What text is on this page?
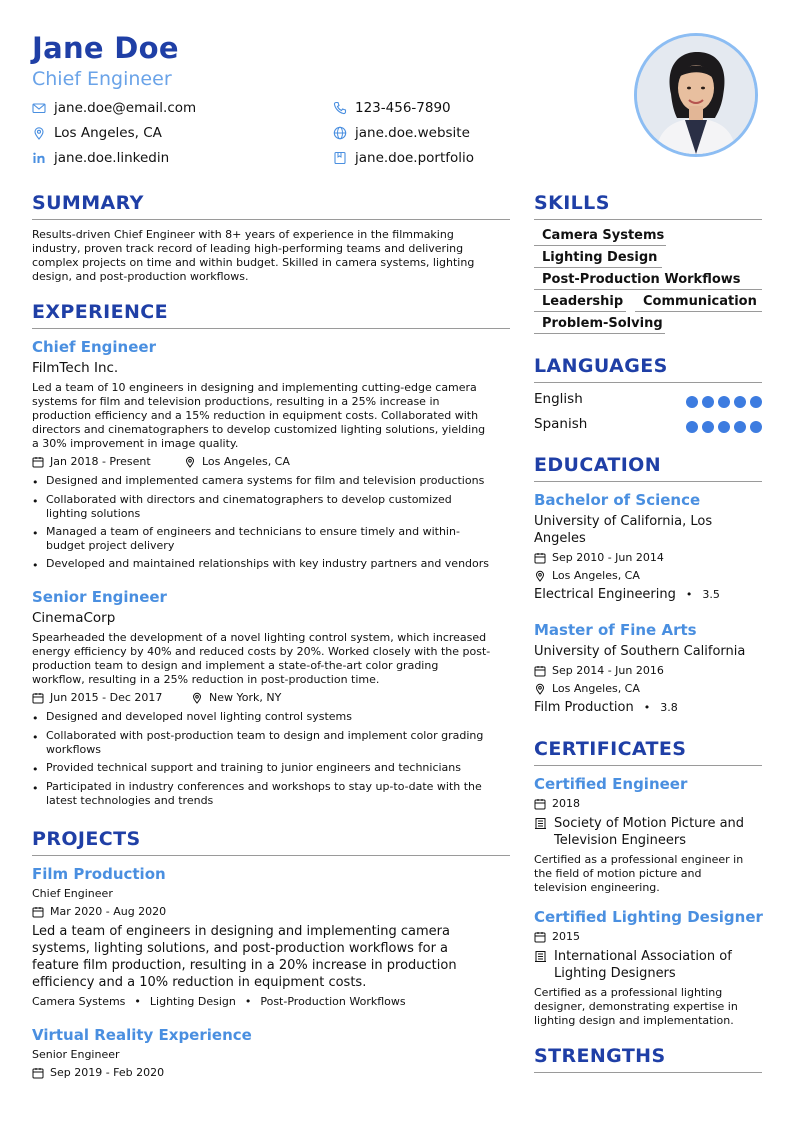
Jane Doe
Chief Engineer
jane.doe@email.com
Los Angeles, CA
jane.doe.linkedin
123-456-7890
jane.doe.website
jane.doe.portfolio
SUMMARY
Results-driven Chief Engineer with 8+ years of experience in the filmmaking
industry, proven track record of leading high-performing teams and delivering
complex projects on time and within budget. Skilled in camera systems, lighting
design, and post-production workflows.
EXPERIENCE
Chief Engineer
FilmTech Inc.
Led a team of 10 engineers in designing and implementing cutting-edge camera
systems for film and television productions, resulting in a 25% increase in
production efficiency and a 15% reduction in equipment costs. Collaborated with
directors and cinematographers to develop customized lighting solutions, yielding
a 30% improvement in image quality.
Jan 2018 - Present	Los Angeles, CA
• Designed and implemented camera systems for film and television productions
• Collaborated with directors and cinematographers to develop customized
lighting solutions
• Managed a team of engineers and technicians to ensure timely and within-
budget project delivery
• Developed and maintained relationships with key industry partners and vendors
Senior Engineer
CinemaCorp
Spearheaded the development of a novel lighting control system, which increased
energy efficiency by 40% and reduced costs by 20%. Worked closely with the post-
production team to design and implement a state-of-the-art color grading
workflow, resulting in a 25% reduction in post-production time.
Jun 2015 - Dec 2017	New York, NY
• Designed and developed novel lighting control systems
• Collaborated with post-production team to design and implement color grading
workflows
• Provided technical support and training to junior engineers and technicians
• Participated in industry conferences and workshops to stay up-to-date with the
latest technologies and trends
PROJECTS
Film Production
Chief Engineer
Mar 2020 - Aug 2020
Led a team of engineers in designing and implementing camera
systems, lighting solutions, and post-production workflows for a
feature film production, resulting in a 20% increase in production
efficiency and a 10% reduction in equipment costs.
Camera Systems • Lighting Design • Post-Production Workflows
Virtual Reality Experience
Senior Engineer
Sep 2019 - Feb 2020
SKILLS
Camera Systems
Lighting Design
Post-Production Workflows
Leadership	Communication
Problem-Solving
LANGUAGES
English
Spanish
EDUCATION
Bachelor of Science
University of California, Los
Angeles
Sep 2010 - Jun 2014
Los Angeles, CA
Electrical Engineering • 3.5
Master of Fine Arts
University of Southern California
Sep 2014 - Jun 2016
Los Angeles, CA
Film Production • 3.8
CERTIFICATES
Certified Engineer
2018
Society of Motion Picture and
Television Engineers
Certified as a professional engineer in
the field of motion picture and
television engineering.
Certified Lighting Designer
2015
International Association of
Lighting Designers
Certified as a professional lighting
designer, demonstrating expertise in
lighting design and implementation.
STRENGTHS
